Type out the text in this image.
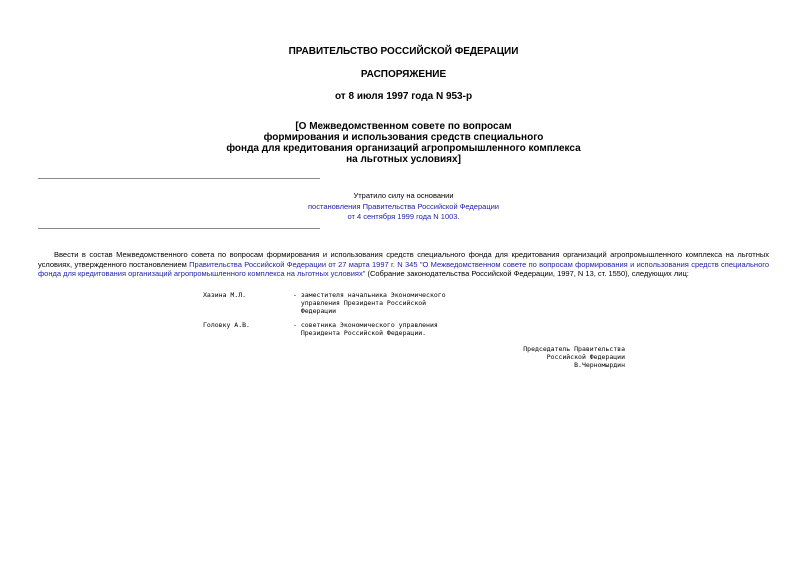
ПРАВИТЕЛЬСТВО РОССИЙСКОЙ ФЕДЕРАЦИИ
РАСПОРЯЖЕНИЕ
от 8 июля 1997 года N 953-р
[О Межведомственном совете по вопросам
формирования и использования средств специального
фонда для кредитования организаций агропромышленного комплекса
на льготных условиях]
Утратило силу на основании
постановления Правительства Российской Федерации
от 4 сентября 1999 года N 1003.
Ввести в состав Межведомственного совета по вопросам формирования и использования средств специального фонда для кредитования организаций агропромышленного комплекса на льготных условиях, утвержденного постановлением Правительства Российской Федерации от 27 марта 1997 г. N 345 "О Межведомственном совете по вопросам формирования и использования средств специального фонда для кредитования организаций агропромышленного комплекса на льготных условиях" (Собрание законодательства Российской Федерации, 1997, N 13, ст. 1550), следующих лиц:
Хазина М.Л.	- заместителя начальника Экономического
управления Президента Российской
Федерации
Головку А.В.	- советника Экономического управления
Президента Российской Федерации.
Председатель Правительства
Российской Федерации
В.Черномырдин
